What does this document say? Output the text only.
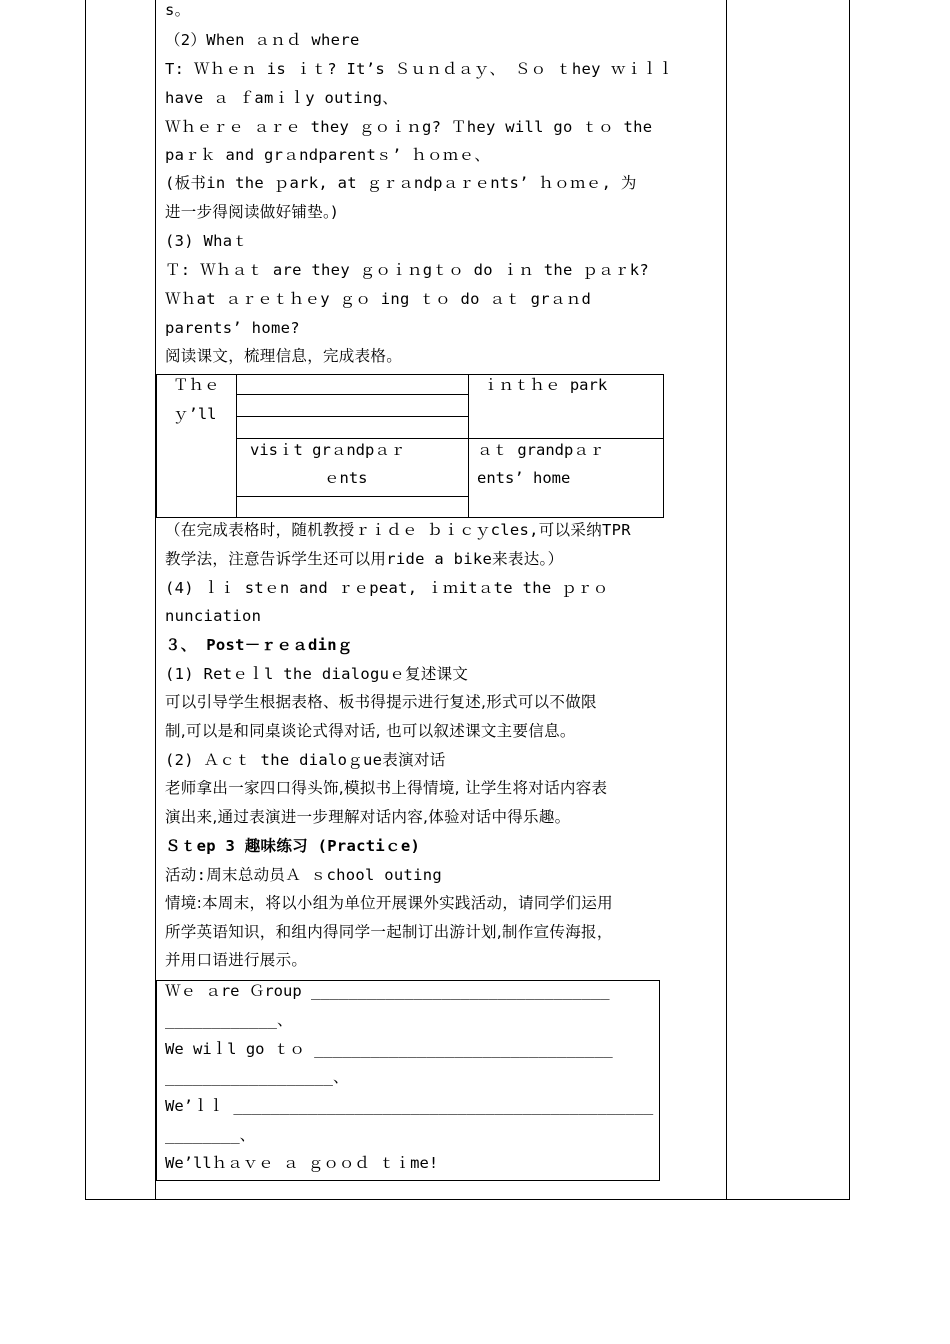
s。
（2）When ａｎｄ where
T: Ｗｈｅｎ is ｉｔ? It’s Ｓｕｎｄａｙ、 Ｓｏ ｔhey ｗｉｌｌ
have ａ ｆamｉｌy outing、
Ｗｈｅｒｅ ａｒｅ they ｇｏｉｎg? Ｔhey will go ｔｏ the
paｒｋ and grａndparentｓ’ ｈｏｍｅ、
(板书in the ｐark, at ｇｒａndpａｒｅnts’ ｈｏｍｅ, 为
进一步得阅读做好铺垫。)
(3) Whaｔ
Ｔ: Ｗｈａｔ are they ｇｏｉｎgｔｏ do ｉｎ the ｐａｒk?
Ｗｈat ａｒｅｔｈｅy ｇｏ ing ｔｏ do ａｔ grａｎd
parents’ home?
阅读课文，梳理信息，完成表格。
（在完成表格时，随机教授ｒｉｄｅ ｂｉｃｙcles,可以采纳TPR
教学法，注意告诉学生还可以用ride a bike来表达。）
(4) ｌｉ stｅn and ｒｅpeat, ｉｍitａte the ｐｒｏ
nunciation
３、 Post－ｒｅａdinｇ
(1) Retｅｌl the dialoguｅ复述课文
可以引导学生根据表格、板书得提示进行复述,形式可以不做限
制,可以是和同桌谈论式得对话, 也可以叙述课文主要信息。
(2) Ａｃｔ the dialoｇue表演对话
老师拿出一家四口得头饰,模拟书上得情境, 让学生将对话内容表
演出来,通过表演进一步理解对话内容,体验对话中得乐趣。
Ｓｔep 3 趣味练习 (Practiｃe)
活动:周末总动员Ａ ｓchool outing
情境:本周末，将以小组为单位开展课外实践活动，请同学们运用
所学英语知识，和组内得同学一起制订出游计划,制作宣传海报，
并用口语进行展示。
Ｔｈｅ
ｙ’ll
ｉｎｔｈｅ park
visｉt grａndpａｒ
ｅnts
ａｔ grandpａｒ
ents’ home
Ｗｅ ａre Ｇroup ________________________________
____________、
We wiｌl go ｔｏ ________________________________
__________________、
We’ｌｌ _____________________________________________
________、
We’llｈａｖｅ ａ ｇｏｏｄ ｔｉme!
